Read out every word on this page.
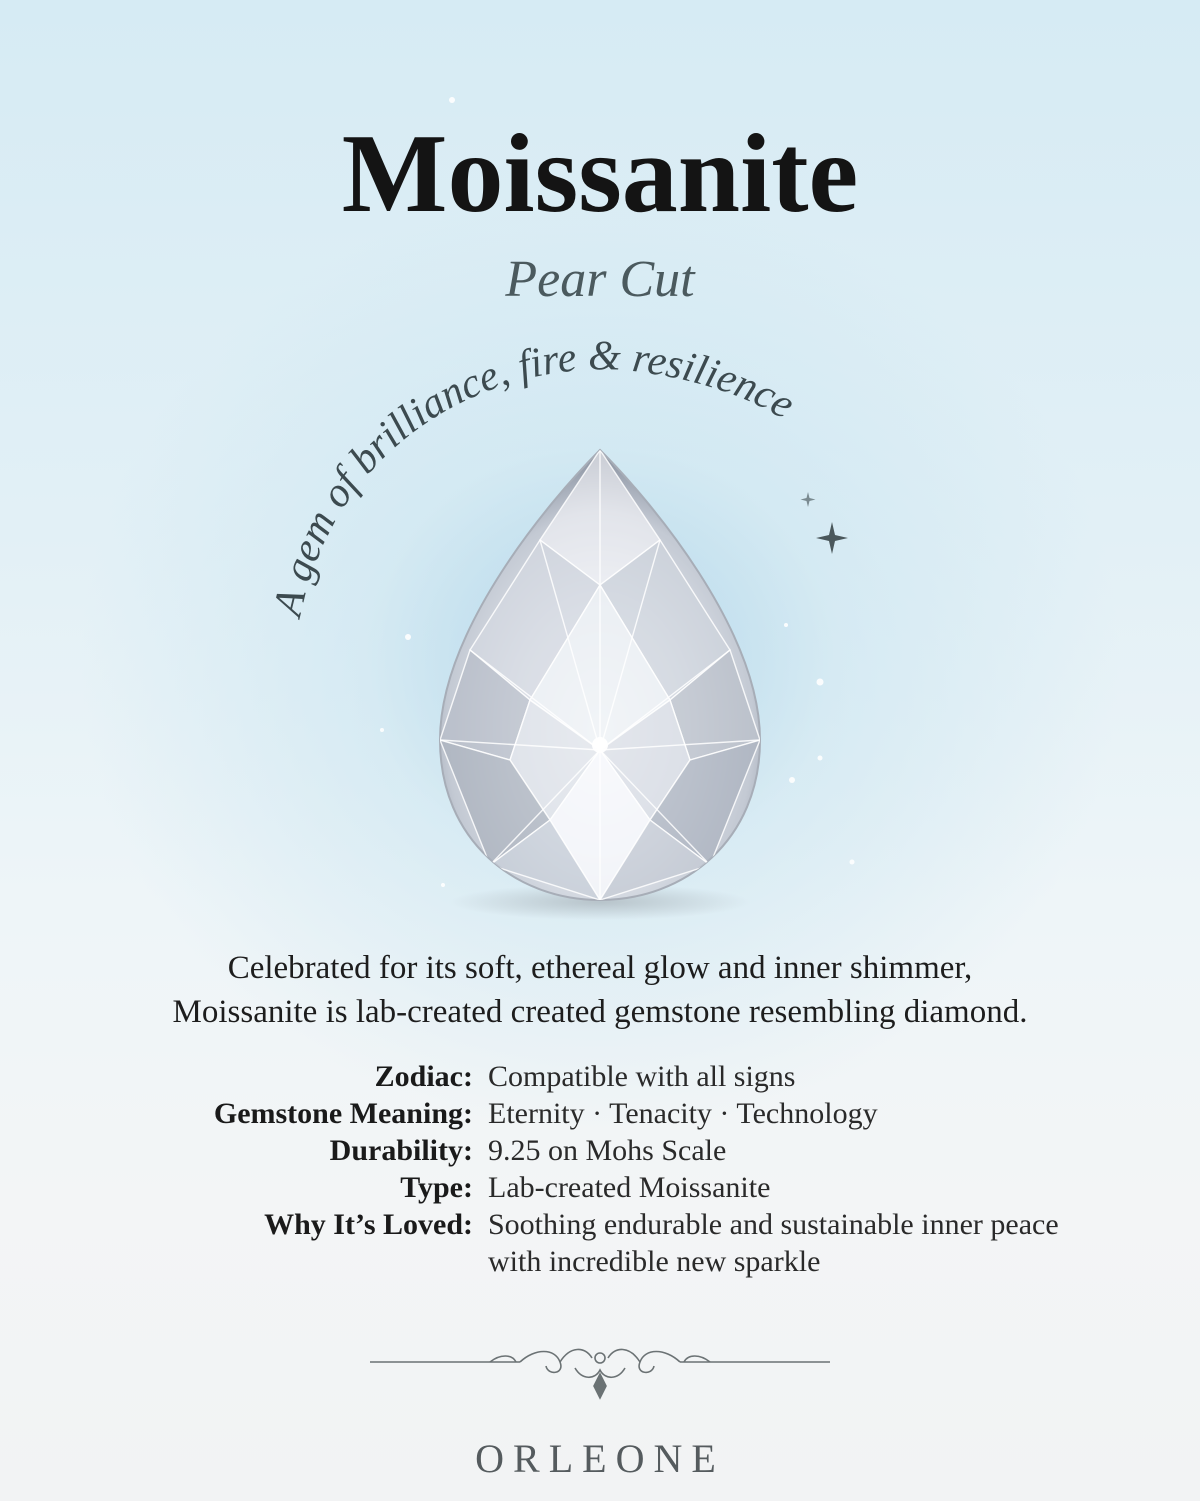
Moissanite
Pear Cut
A gem of brilliance, fire & resilience
Celebrated for its soft, ethereal glow and inner shimmer,
Moissanite is lab-created created gemstone resembling diamond.
Zodiac: Compatible with all signs
Gemstone Meaning: Eternity · Tenacity · Technology
Durability: 9.25 on Mohs Scale
Type: Lab-created Moissanite
Why It’s Loved: Soothing endurable and sustainable inner peace
with incredible new sparkle
ORLEONE
